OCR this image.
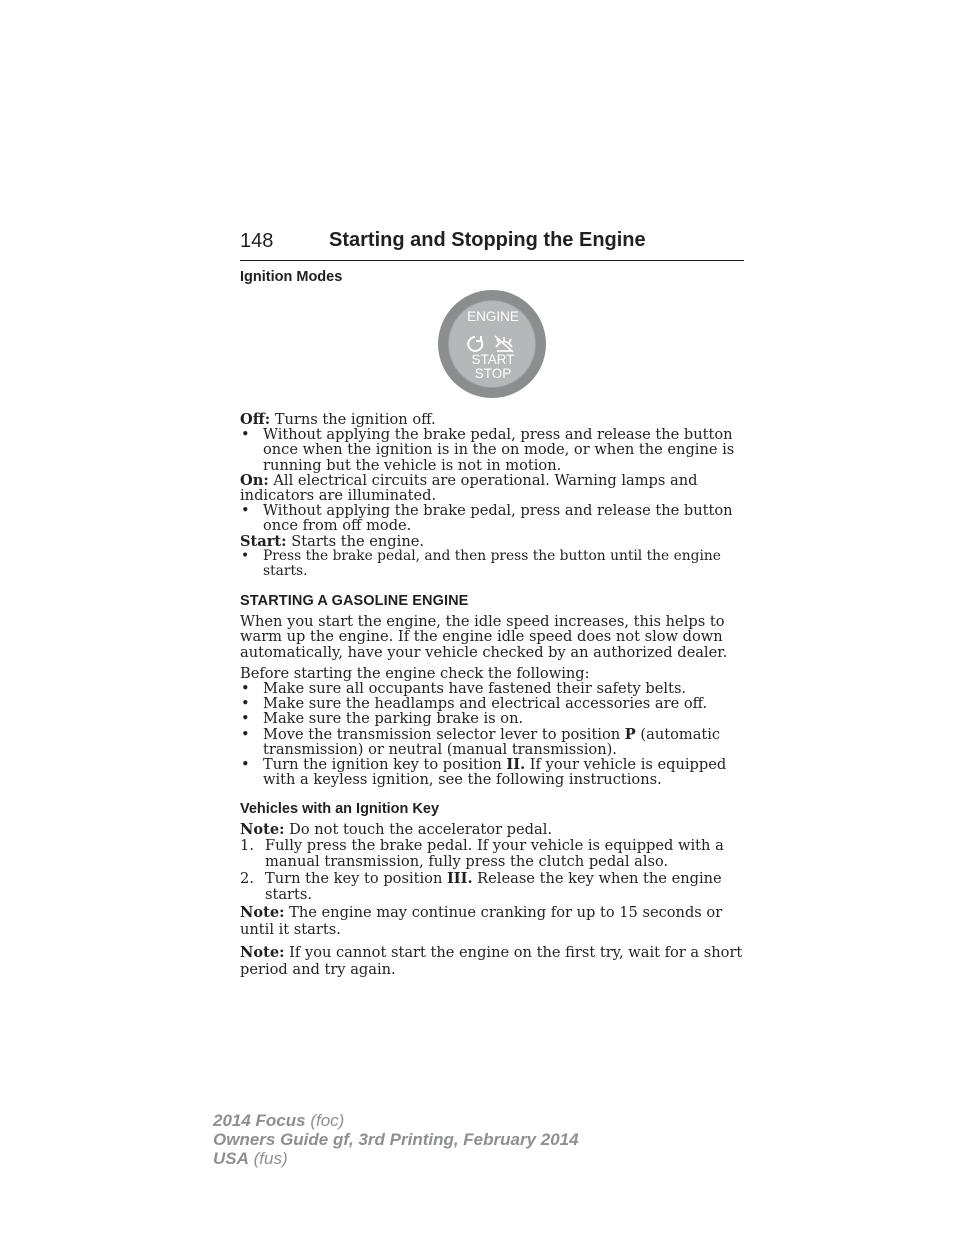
148	Starting and Stopping the Engine
Ignition Modes
ENGINE
START
STOP

Off: Turns the ignition off.

• Without applying the brake pedal, press and release the button once when the ignition is in the on mode, or when the engine is running but the vehicle is not in motion.

On: All electrical circuits are operational. Warning lamps and indicators are illuminated.

• Without applying the brake pedal, press and release the button once from off mode.

Start: Starts the engine.

• Press the brake pedal, and then press the button until the engine starts.
STARTING A GASOLINE ENGINE

When you start the engine, the idle speed increases, this helps to warm up the engine. If the engine idle speed does not slow down automatically, have your vehicle checked by an authorized dealer.

Before starting the engine check the following:

• Make sure all occupants have fastened their safety belts.
• Make sure the headlamps and electrical accessories are off.
• Make sure the parking brake is on.
• Move the transmission selector lever to position P (automatic transmission) or neutral (manual transmission).
• Turn the ignition key to position II. If your vehicle is equipped with a keyless ignition, see the following instructions.
Vehicles with an Ignition Key

Note: Do not touch the accelerator pedal.

1. Fully press the brake pedal. If your vehicle is equipped with a manual transmission, fully press the clutch pedal also.
2. Turn the key to position III. Release the key when the engine starts.

Note: The engine may continue cranking for up to 15 seconds or until it starts.

Note: If you cannot start the engine on the first try, wait for a short period and try again.

2014 Focus (foc)
Owners Guide gf, 3rd Printing, February 2014
USA (fus)
